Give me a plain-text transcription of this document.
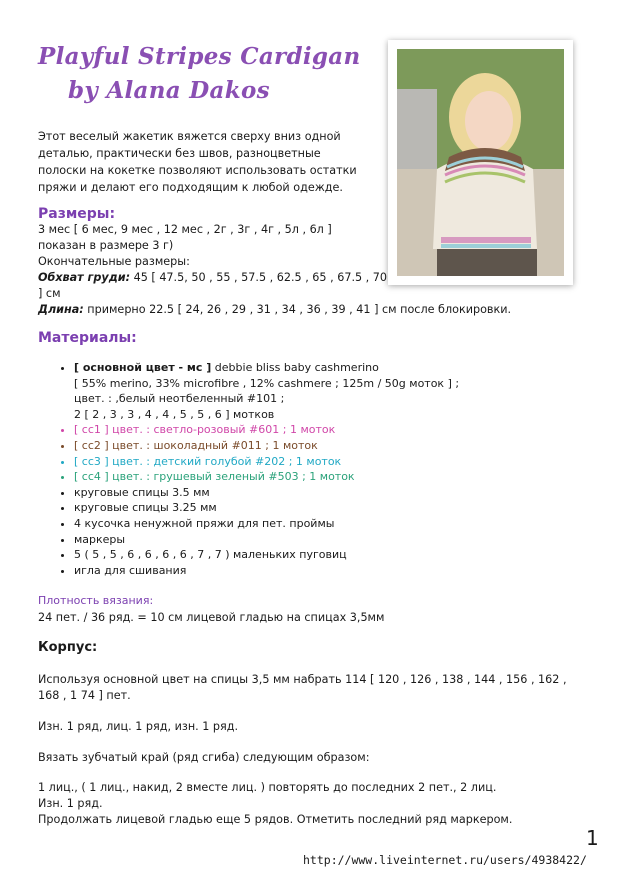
Playful Stripes Cardigan
by Alana Dakos
Этот веселый жакетик вяжется сверху вниз одной деталью, практически без швов, разноцветные полоски на кокетке позволяют использовать остатки пряжи и делают его подходящим к любой одежде.
Размеры:
3 мес [ 6 мес, 9 мес , 12 мес , 2г , 3г , 4г , 5л , 6л ]
показан в размере 3 г)
Окончательные размеры:
Обхват груди: 45 [ 47.5, 50 , 55 , 57.5 , 62.5 , 65 , 67.5 , 70
] см
Длина: примерно 22.5 [ 24, 26 , 29 , 31 , 34 , 36 , 39 , 41 ] см после блокировки.
Материалы:
• [ основной цвет - мс ] debbie bliss baby cashmerino
[ 55% merino, 33% microfibre , 12% cashmere ; 125m / 50g моток ] ;
цвет. : ,белый неотбеленный #101 ;
2 [ 2 , 3 , 3 , 4 , 4 , 5 , 5 , 6 ] мотков
• [ cc1 ] цвет. : светло-розовый #601 ; 1 моток
• [ cc2 ] цвет. : шоколадный #011 ; 1 моток
• [ cc3 ] цвет. : детский голубой #202 ; 1 моток
• [ cc4 ] цвет. : грушевый зеленый #503 ; 1 моток
• круговые спицы 3.5 мм
• круговые спицы 3.25 мм
• 4 кусочка ненужной пряжи для пет. проймы
• маркеры
• 5 ( 5 , 5 , 6 , 6 , 6 , 6 , 7 , 7 ) маленьких пуговиц
• игла для сшивания
Плотность вязания:
24 пет. / 36 ряд. = 10 см лицевой гладью на спицах 3,5мм
Корпус:
Используя основной цвет на спицы 3,5 мм набрать 114 [ 120 , 126 , 138 , 144 , 156 , 162 ,
168 , 1 74 ] пет.
Изн. 1 ряд, лиц. 1 ряд, изн. 1 ряд.
Вязать зубчатый край (ряд сгиба) следующим образом:
1 лиц., ( 1 лиц., накид, 2 вместе лиц. ) повторять до последних 2 пет., 2 лиц.
Изн. 1 ряд.
Продолжать лицевой гладью еще 5 рядов. Отметить последний ряд маркером.
1
http://www.liveinternet.ru/users/4938422/
